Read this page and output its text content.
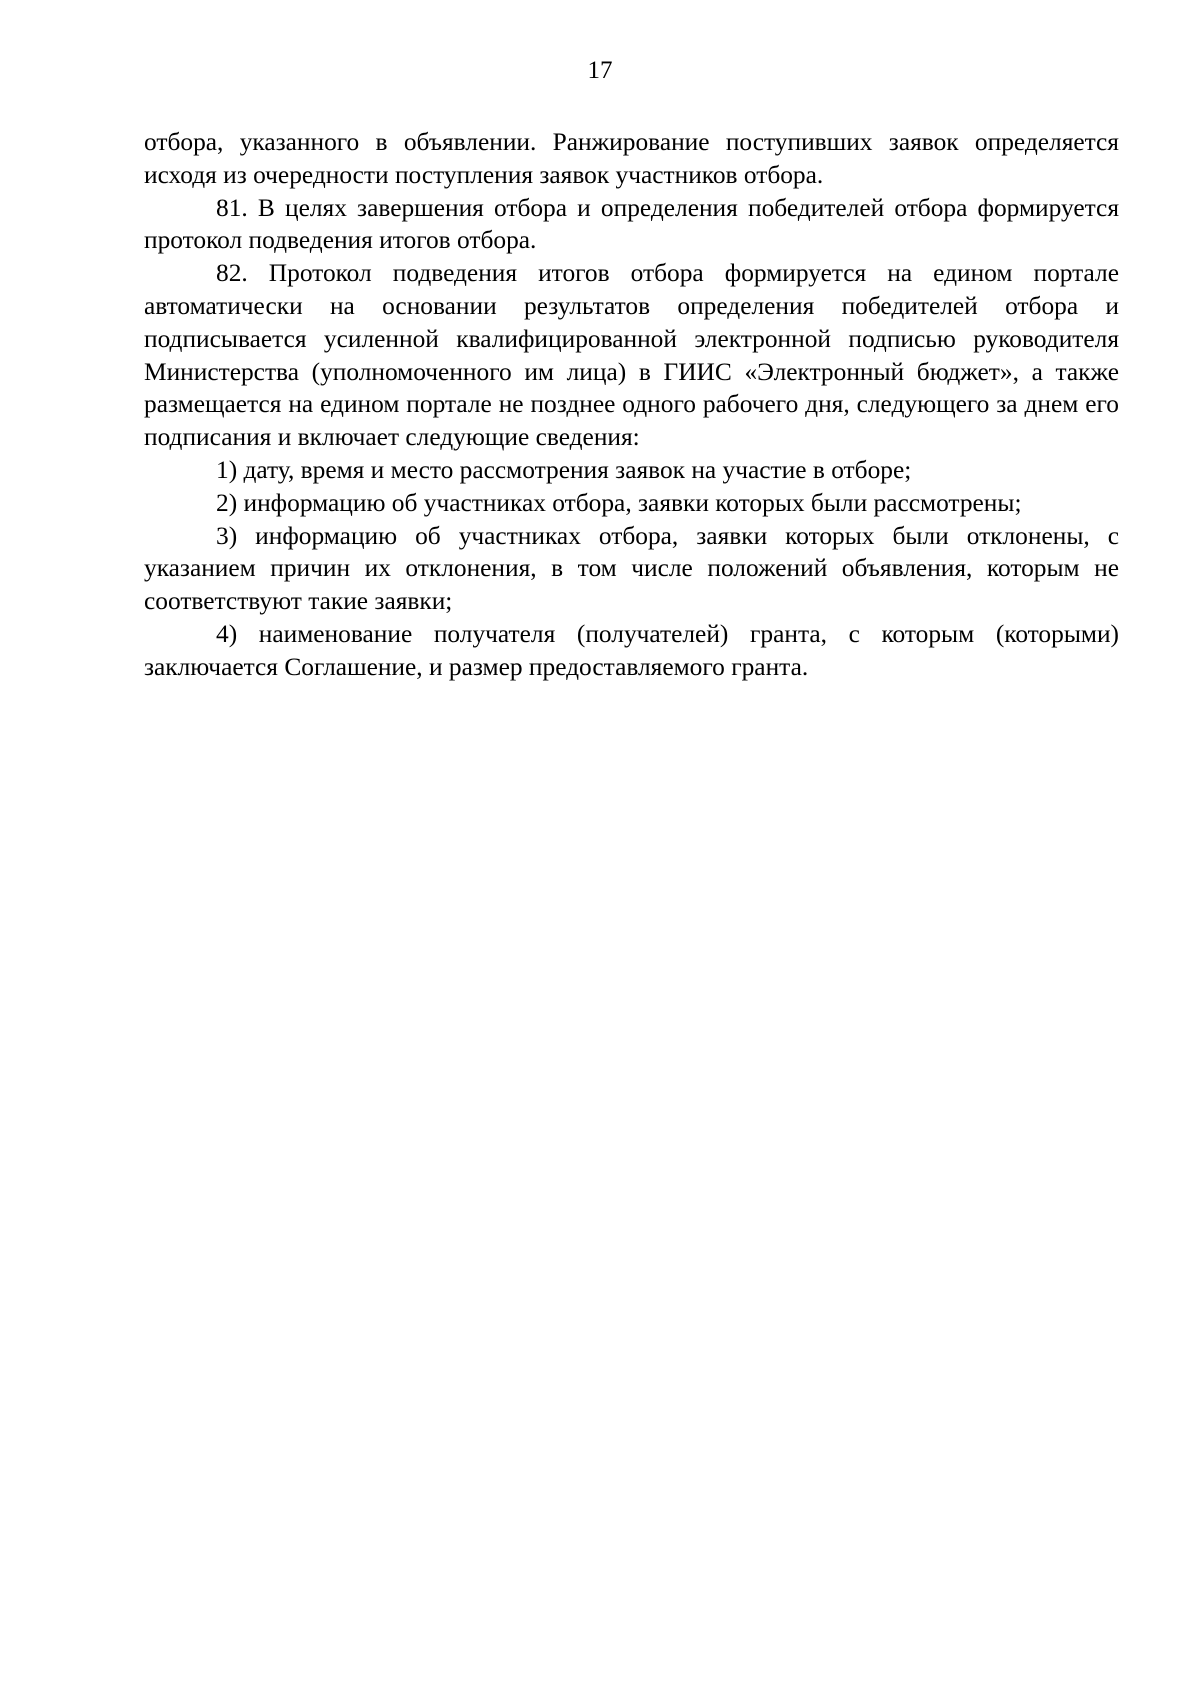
17

отбора, указанного в объявлении. Ранжирование поступивших заявок определяется исходя из очередности поступления заявок участников отбора.

81. В целях завершения отбора и определения победителей отбора формируется протокол подведения итогов отбора.

82. Протокол подведения итогов отбора формируется на едином портале автоматически на основании результатов определения победителей отбора и подписывается усиленной квалифицированной электронной подписью руководителя Министерства (уполномоченного им лица) в ГИИС «Электронный бюджет», а также размещается на едином портале не позднее одного рабочего дня, следующего за днем его подписания и включает следующие сведения:

1) дату, время и место рассмотрения заявок на участие в отборе;

2) информацию об участниках отбора, заявки которых были рассмотрены;

3) информацию об участниках отбора, заявки которых были отклонены, с указанием причин их отклонения, в том числе положений объявления, которым не соответствуют такие заявки;

4) наименование получателя (получателей) гранта, с которым (которыми) заключается Соглашение, и размер предоставляемого гранта.
